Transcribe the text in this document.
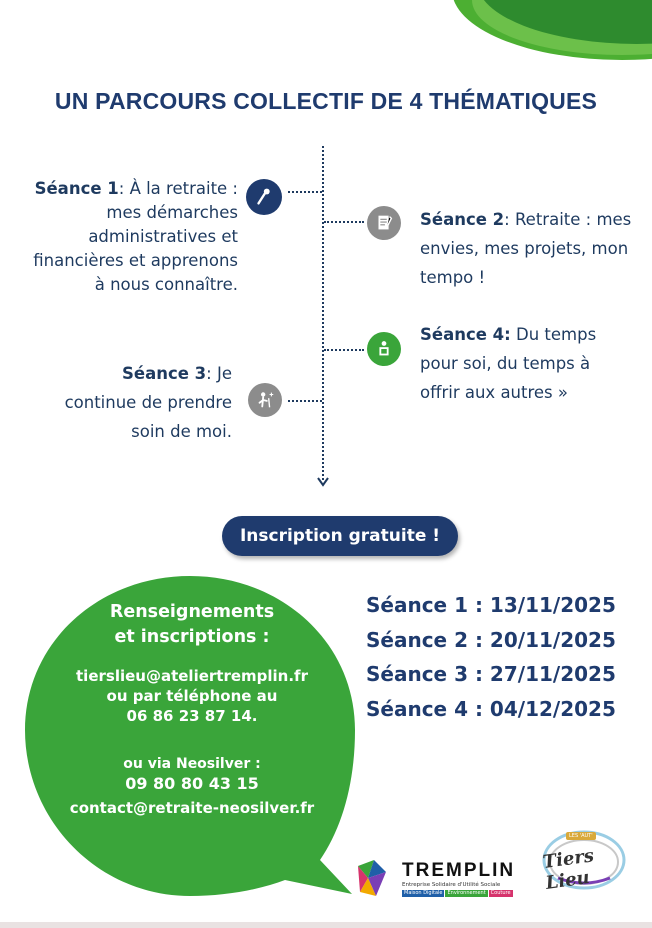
UN PARCOURS COLLECTIF DE 4 THÉMATIQUES
Séance 1: À la retraite :
mes démarches
administratives et
financières et apprenons
à nous connaître.
Séance 2: Retraite : mes
envies, mes projets, mon
tempo !
Séance 4: Du temps
pour soi, du temps à
offrir aux autres »
Séance 3: Je
continue de prendre
soin de moi.
Inscription gratuite !
Renseignements
et inscriptions :
tierslieu@ateliertremplin.fr
ou par téléphone au
06 86 23 87 14.
ou via Neosilver :
09 80 80 43 15
contact@retraite-neosilver.fr
Séance 1 : 13/11/2025
Séance 2 : 20/11/2025
Séance 3 : 27/11/2025
Séance 4 : 04/12/2025
TREMPLIN
Entreprise Solidaire d'Utilité Sociale
Maison Digitale	Environnement	Couture
LES 'AUT'
Tiers Lieu
